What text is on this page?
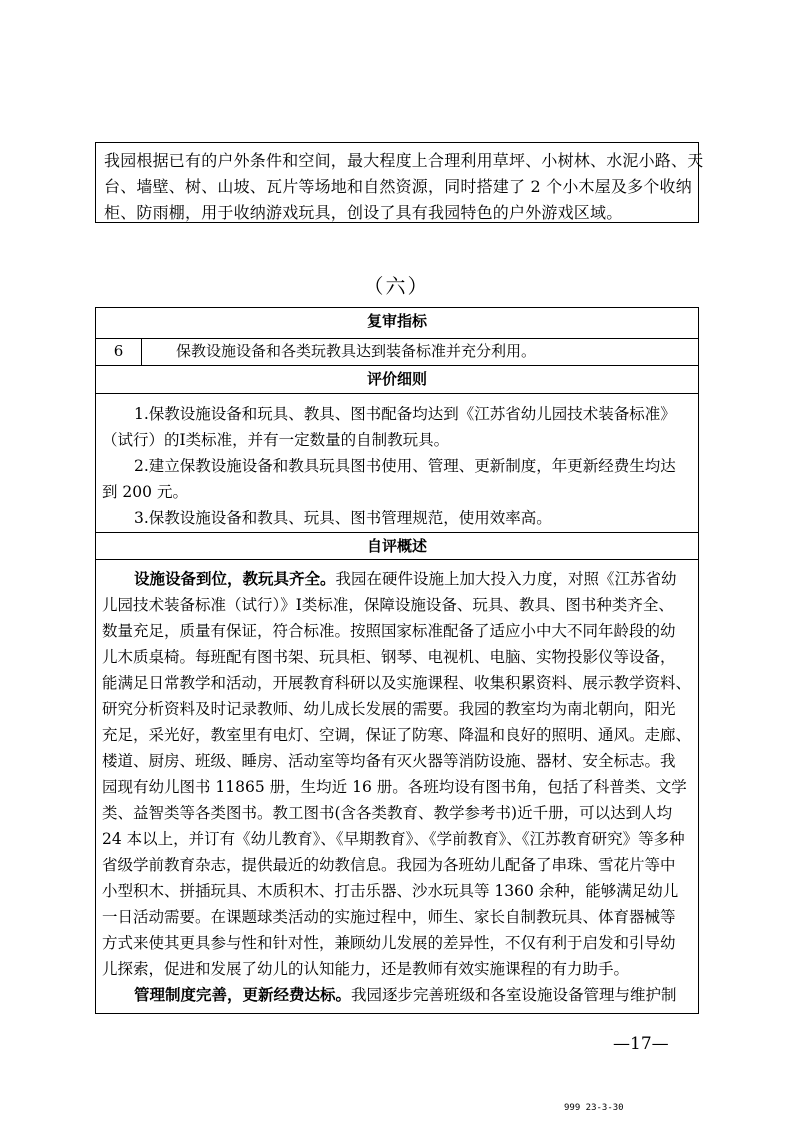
我园根据已有的户外条件和空间，最大程度上合理利用草坪、小树林、水泥小路、天
台、墙壁、树、山坡、瓦片等场地和自然资源，同时搭建了 2 个小木屋及多个收纳
柜、防雨棚，用于收纳游戏玩具，创设了具有我园特色的户外游戏区域。
（六）
复审指标
6	保教设施设备和各类玩教具达到装备标准并充分利用。
评价细则
1.保教设施设备和玩具、教具、图书配备均达到《江苏省幼儿园技术装备标准》
（试行）的Ⅰ类标准，并有一定数量的自制教玩具。
2.建立保教设施设备和教具玩具图书使用、管理、更新制度，年更新经费生均达
到 200 元。
3.保教设施设备和教具、玩具、图书管理规范，使用效率高。
自评概述
设施设备到位，教玩具齐全。我园在硬件设施上加大投入力度，对照《江苏省幼
儿园技术装备标准（试行）》Ⅰ类标准，保障设施设备、玩具、教具、图书种类齐全、
数量充足，质量有保证，符合标准。按照国家标准配备了适应小中大不同年龄段的幼
儿木质桌椅。每班配有图书架、玩具柜、钢琴、电视机、电脑、实物投影仪等设备，
能满足日常教学和活动，开展教育科研以及实施课程、收集积累资料、展示教学资料、
研究分析资料及时记录教师、幼儿成长发展的需要。我园的教室均为南北朝向，阳光
充足，采光好，教室里有电灯、空调，保证了防寒、降温和良好的照明、通风。走廊、
楼道、厨房、班级、睡房、活动室等均备有灭火器等消防设施、器材、安全标志。我
园现有幼儿图书 11865 册，生均近 16 册。各班均设有图书角，包括了科普类、文学
类、益智类等各类图书。教工图书(含各类教育、教学参考书)近千册，可以达到人均
24 本以上，并订有《幼儿教育》、《早期教育》、《学前教育》、《江苏教育研究》等多种
省级学前教育杂志，提供最近的幼教信息。我园为各班幼儿配备了串珠、雪花片等中
小型积木、拼插玩具、木质积木、打击乐器、沙水玩具等 1360 余种，能够满足幼儿
一日活动需要。在课题球类活动的实施过程中，师生、家长自制教玩具、体育器械等
方式来使其更具参与性和针对性，兼顾幼儿发展的差异性，不仅有利于启发和引导幼
儿探索，促进和发展了幼儿的认知能力，还是教师有效实施课程的有力助手。
管理制度完善，更新经费达标。我园逐步完善班级和各室设施设备管理与维护制
—17—
999 23-3-30
